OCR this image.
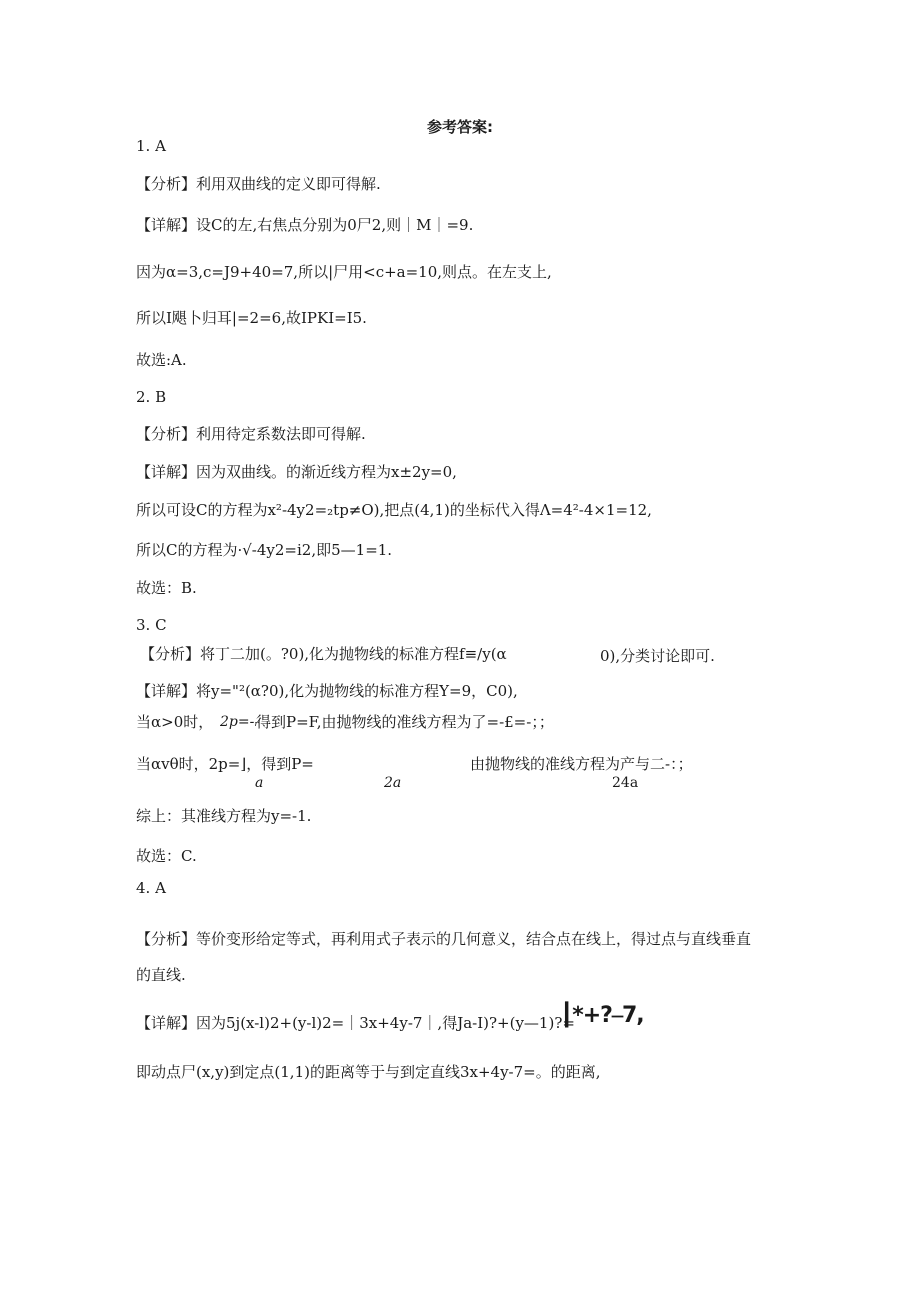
参考答案:
1. A
【分析】利用双曲线的定义即可得解.
【详解】设C的左,右焦点分别为0尸2,则｜M｜=9.
因为α=3,c=J9+40=7,所以|尸用<c+a=10,则点。在左支上,
所以I飓卜归耳|=2=6,故IPKI=I5.
故选:A.
2. B
【分析】利用待定系数法即可得解.
【详解】因为双曲线。的渐近线方程为x±2y=0,
所以可设C的方程为x²-4y2=₂tp≠O),把点(4,1)的坐标代入得Λ=4²-4×1=12,
所以C的方程为·√-4y2=i2,即5—1=1.
故选：B.
3. C
【分析】将丁二加(。?0),化为抛物线的标准方程f≡∕y(α	0),分类讨论即可.
【详解】将y="²(α?0),化为抛物线的标准方程Y=9，C0),
当α>0时， 2p=-ᵣ
得到P=F,由抛物线的准线方程为了=-£=-；；
当αvθ时，2p=⌋，得到P=	由抛物线的准线方程为产与二-：；
a	2a	24a
综上：其准线方程为y=-1.
故选：C.
4. A
【分析】等价变形给定等式，再利用式子表示的几何意义，结合点在线上，得过点与直线垂直
的直线.
【详解】因为5j(x-l)2+(y-l)2=｜3x+4y-7｜,得Ja-I)?+(y—1)?=
┃*+?⎯7,
即动点尸(x,y)到定点(1,1)的距离等于与到定直线3x+4y-7=。的距离,
